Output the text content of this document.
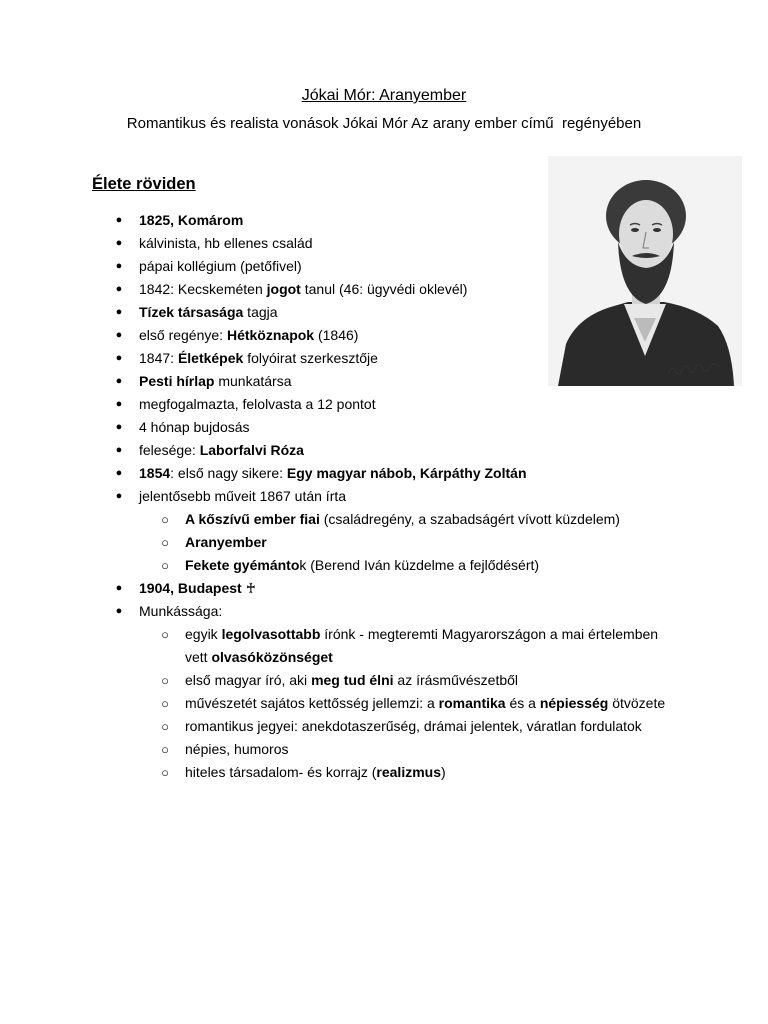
Jókai Mór: Aranyember
Romantikus és realista vonások Jókai Mór Az arany ember című  regényében
Élete röviden
● 1825, Komárom
● kálvinista, hb ellenes család
● pápai kollégium (petőfivel)
● 1842: Kecskeméten jogot tanul (46: ügyvédi oklevél)
● Tízek társasága tagja
● első regénye: Hétköznapok (1846)
● 1847: Életképek folyóirat szerkesztője
● Pesti hírlap munkatársa
● megfogalmazta, felolvasta a 12 pontot
● 4 hónap bujdosás
● felesége: Laborfalvi Róza
● 1854: első nagy sikere: Egy magyar nábob, Kárpáthy Zoltán
● jelentősebb műveit 1867 után írta
○ A kőszívű ember fiai (családregény, a szabadságért vívott küzdelem)
○ Aranyember
○ Fekete gyémántok (Berend Iván küzdelme a fejlődésért)
● 1904, Budapest ♰
● Munkássága:
○ egyik legolvasottabb írónk - megteremti Magyarországon a mai értelemben
vett olvasóközönséget
○ első magyar író, aki meg tud élni az írásművészetből
○ művészetét sajátos kettősség jellemzi: a romantika és a népiesség ötvözete
○ romantikus jegyei: anekdotaszerűség, drámai jelentek, váratlan fordulatok
○ népies, humoros
○ hiteles társadalom- és korrajz (realizmus)
